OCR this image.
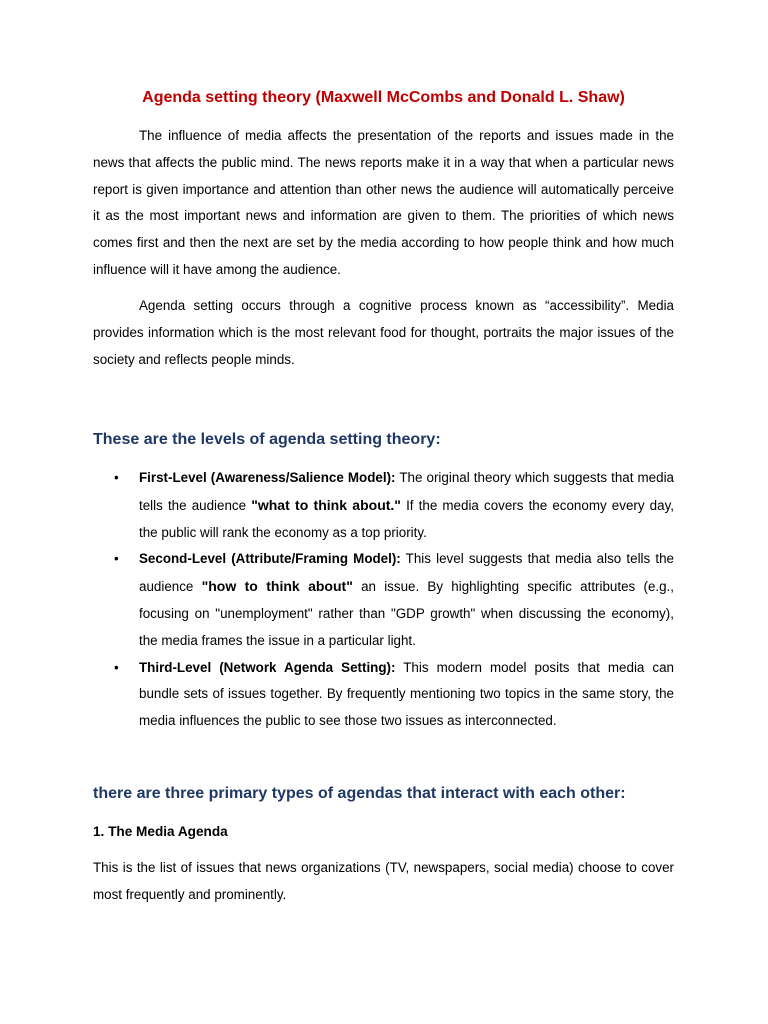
Agenda setting theory (Maxwell McCombs and Donald L. Shaw)

The influence of media affects the presentation of the reports and issues made in the news that affects the public mind. The news reports make it in a way that when a particular news report is given importance and attention than other news the audience will automatically perceive it as the most important news and information are given to them. The priorities of which news comes first and then the next are set by the media according to how people think and how much influence will it have among the audience.

Agenda setting occurs through a cognitive process known as “accessibility”. Media provides information which is the most relevant food for thought, portraits the major issues of the society and reflects people minds.

These are the levels of agenda setting theory:
• First-Level (Awareness/Salience Model): The original theory which suggests that media tells the audience "what to think about." If the media covers the economy every day, the public will rank the economy as a top priority.
• Second-Level (Attribute/Framing Model): This level suggests that media also tells the audience "how to think about" an issue. By highlighting specific attributes (e.g., focusing on "unemployment" rather than "GDP growth" when discussing the economy), the media frames the issue in a particular light.
• Third-Level (Network Agenda Setting): This modern model posits that media can bundle sets of issues together. By frequently mentioning two topics in the same story, the media influences the public to see those two issues as interconnected.
there are three primary types of agendas that interact with each other:
1. The Media Agenda

This is the list of issues that news organizations (TV, newspapers, social media) choose to cover most frequently and prominently.
